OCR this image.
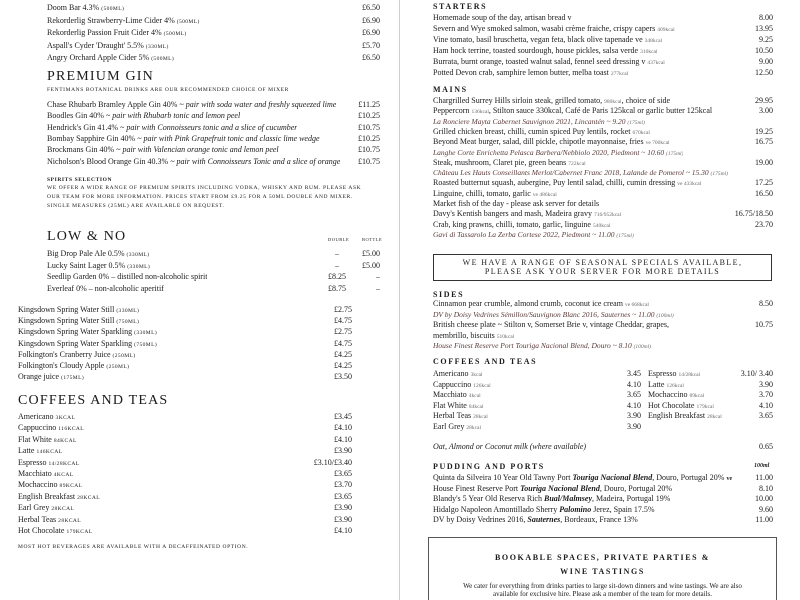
Doom Bar 4.3% (500ML)	£6.50
Rekorderlig Strawberry-Lime Cider 4% (500ML)	£6.90
Rekorderlig Passion Fruit Cider 4% (500ML)	£6.90
Aspall's Cyder 'Draught' 5.5% (330ML)	£5.70
Angry Orchard Apple Cider 5% (500ML)	£6.50
PREMIUM GIN
FENTIMANS BOTANICAL DRINKS ARE OUR RECOMMENDED CHOICE OF MIXER
Chase Rhubarb Bramley Apple Gin 40% ~ pair with soda water and freshly squeezed lime	£11.25
Boodles Gin 40% ~ pair with Rhubarb tonic and lemon peel	£10.25
Hendrick's Gin 41.4% ~ pair with Connoisseurs tonic and a slice of cucumber	£10.75
Bombay Sapphire Gin 40% ~ pair with Pink Grapefruit tonic and classic lime wedge	£10.25
Brockmans Gin 40% ~ pair with Valencian orange tonic and lemon peel	£10.75
Nicholson's Blood Orange Gin 40.3% ~ pair with Connoisseurs Tonic and a slice of orange £10.75
SPIRITS SELECTION
WE OFFER A WIDE RANGE OF PREMIUM SPIRITS INCLUDING VODKA, WHISKY AND RUM. PLEASE ASK
OUR TEAM FOR MORE INFORMATION. PRICES START FROM £9.25 FOR A 50ML DOUBLE AND MIXER.
SINGLE MEASURES (25ML) ARE AVAILABLE ON REQUEST.
LOW & NO	DOUBLE	BOTTLE
Big Drop Pale Ale 0.5% (330ML)	–	£5.00
Lucky Saint Lager 0.5% (330ML)	–	£5.00
Seedlip Garden 0% – distilled non-alcoholic spirit	£8.25	–
Everleaf 0% – non-alcoholic aperitif	£8.75	–
Kingsdown Spring Water Still (330ML)	£2.75
Kingsdown Spring Water Still (750ML)	£4.75
Kingsdown Spring Water Sparkling (330ML)	£2.75
Kingsdown Spring Water Sparkling (750ML)	£4.75
Folkington's Cranberry Juice (250ML)	£4.25
Folkington's Cloudy Apple (250ML)	£4.25
Orange juice (175ML)	£3.50
COFFEES AND TEAS
Americano 3KCAL	£3.45
Cappuccino 116KCAL	£4.10
Flat White 84KCAL	£4.10
Latte 146KCAL	£3.90
Espresso 14/28KCAL	£3.10/£3.40
Macchiato 4KCAL	£3.65
Mochaccino 89KCAL	£3.70
English Breakfast 28KCAL	£3.65
Earl Grey 28KCAL	£3.90
Herbal Teas 28KCAL	£3.90
Hot Chocolate 179KCAL	£4.10
MOST HOT BEVERAGES ARE AVAILABLE WITH A DECAFFEINATED OPTION.
STARTERS
Homemade soup of the day, artisan bread v	8.00
Severn and Wye smoked salmon, wasabi crème fraiche, crispy capers 409kcal	13.95
Vine tomato, basil bruschetta, vegan feta, black olive tapenade ve 348kcal	9.25
Ham hock terrine, toasted sourdough, house pickles, salsa verde 310kcal	10.50
Burrata, burnt orange, toasted walnut salad, fennel seed dressing v 437kcal	9.00
Potted Devon crab, samphire lemon butter, melba toast 277kcal	12.50
MAINS
Chargrilled Surrey Hills sirloin steak, grilled tomato, 980kcal, choice of side	29.95
Peppercorn 136kcal, Stilton sauce 330kcal, Café de Paris 125kcal or garlic butter 125kcal	3.00
La Ronciere Mayta Cabernet Sauvignon 2021, Lincantén ~ 9.20 (175ml)
Grilled chicken breast, chilli, cumin spiced Puy lentils, rocket 670kcal	19.25
Beyond Meat burger, salad, dill pickle, chipotle mayonnaise, fries ve 700kcal	16.75
Langhe Corte Enrichetta Pelasca Barbera/Nebbiolo 2020, Piedmont ~ 10.60 (175ml)
Steak, mushroom, Claret pie, green beans 722kcal	19.00
Château Les Hauts Conseillants Merlot/Cabernet Franc 2018, Lalande de Pomerol ~ 15.30 (175ml)
Roasted butternut squash, aubergine, Puy lentil salad, chilli, cumin dressing ve 433kcal	17.25
Linguine, chilli, tomato, garlic ve 486kcal	16.50
Market fish of the day - please ask server for details
Davy's Kentish bangers and mash, Madeira gravy 716/952kcal	16.75/18.50
Crab, king prawns, chilli, tomato, garlic, linguine 540kcal	23.70
Gavi di Tassarolo La Zerba Cortese 2022, Piedmont ~ 11.00 (175ml)
WE HAVE A RANGE OF SEASONAL SPECIALS AVAILABLE,
PLEASE ASK YOUR SERVER FOR MORE DETAILS
SIDES
Cinnamon pear crumble, almond crumb, coconut ice cream ve 668kcal	8.50
DV by Doisy Vedrines Sémillon/Sauvignon Blanc 2016, Sauternes ~ 11.00 (100ml)
British cheese plate ~ Stilton v, Somerset Brie v, vintage Cheddar, grapes,	10.75
membrillo, biscuits 510kcal
House Finest Reserve Port Touriga Nacional Blend, Douro ~ 8.10 (100ml)
COFFEES AND TEAS
Americano 3kcal	3.45
Cappuccino 126kcal	4.10
Macchiato 4kcal	3.65
Flat White 84kcal	4.10
Herbal Teas 28kcal	3.90
Earl Grey 28kcal	3.90
Espresso 14/28kcal	3.10/ 3.40
Latte 126kcal	3.90
Mochaccino 89kcal	3.70
Hot Chocolate 179kcal	4.10
English Breakfast 28kcal	3.65
Oat, Almond or Coconut milk (where available)	0.65
PUDDING AND PORTS	100ml
Quinta da Silveira 10 Year Old Tawny Port Touriga Nacional Blend, Douro, Portugal 20% ve	11.00
House Finest Reserve Port Touriga Nacional Blend, Douro, Portugal 20%	8.10
Blandy's 5 Year Old Reserva Rich Bual/Malmsey, Madeira, Portugal 19%	10.00
Hidalgo Napoleon Amontillado Sherry Palomino Jerez, Spain 17.5%	9.60
DV by Doisy Vedrines 2016, Sauternes, Bordeaux, France 13%	11.00
BOOKABLE SPACES, PRIVATE PARTIES &
WINE TASTINGS
We cater for everything from drinks parties to large sit-down dinners and wine tastings. We are also
available for exclusive hire. Please ask a member of the team for more details.
